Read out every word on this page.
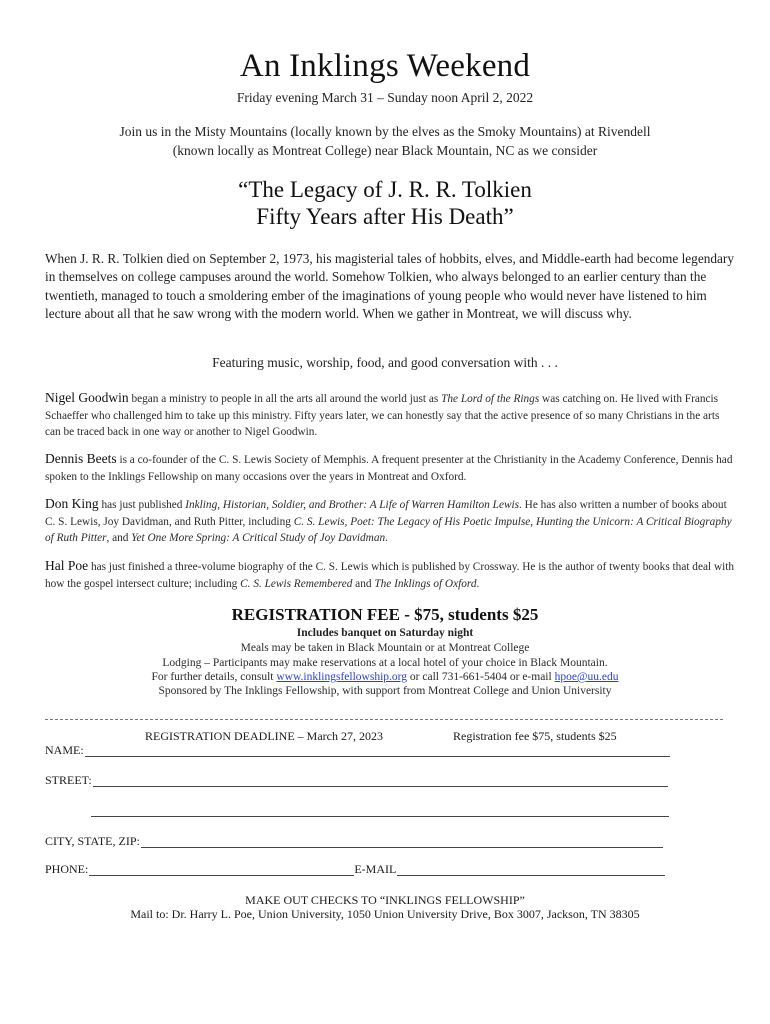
An Inklings Weekend
Friday evening March 31 – Sunday noon April 2, 2022
Join us in the Misty Mountains (locally known by the elves as the Smoky Mountains) at Rivendell
(known locally as Montreat College) near Black Mountain, NC as we consider
“The Legacy of J. R. R. Tolkien
Fifty Years after His Death”
When J. R. R. Tolkien died on September 2, 1973, his magisterial tales of hobbits, elves, and Middle-earth had become legendary in themselves on college campuses around the world. Somehow Tolkien, who always belonged to an earlier century than the twentieth, managed to touch a smoldering ember of the imaginations of young people who would never have listened to him lecture about all that he saw wrong with the modern world. When we gather in Montreat, we will discuss why.
Featuring music, worship, food, and good conversation with . . .
Nigel Goodwin began a ministry to people in all the arts all around the world just as The Lord of the Rings was catching on. He lived with Francis Schaeffer who challenged him to take up this ministry. Fifty years later, we can honestly say that the active presence of so many Christians in the arts can be traced back in one way or another to Nigel Goodwin.
Dennis Beets is a co-founder of the C. S. Lewis Society of Memphis. A frequent presenter at the Christianity in the Academy Conference, Dennis had spoken to the Inklings Fellowship on many occasions over the years in Montreat and Oxford.
Don King has just published Inkling, Historian, Soldier, and Brother: A Life of Warren Hamilton Lewis. He has also written a number of books about C. S. Lewis, Joy Davidman, and Ruth Pitter, including C. S. Lewis, Poet: The Legacy of His Poetic Impulse, Hunting the Unicorn: A Critical Biography of Ruth Pitter, and Yet One More Spring: A Critical Study of Joy Davidman.
Hal Poe has just finished a three-volume biography of the C. S. Lewis which is published by Crossway. He is the author of twenty books that deal with how the gospel intersect culture; including C. S. Lewis Remembered and The Inklings of Oxford.
REGISTRATION FEE - $75, students $25
Includes banquet on Saturday night
Meals may be taken in Black Mountain or at Montreat College
Lodging – Participants may make reservations at a local hotel of your choice in Black Mountain.
For further details, consult www.inklingsfellowship.org or call 731-661-5404 or e-mail hpoe@uu.edu
Sponsored by The Inklings Fellowship, with support from Montreat College and Union University
REGISTRATION DEADLINE – March 27, 2023	Registration fee $75, students $25
NAME:
STREET:
CITY, STATE, ZIP:
PHONE:	E-MAIL
MAKE OUT CHECKS TO “INKLINGS FELLOWSHIP”
Mail to: Dr. Harry L. Poe, Union University, 1050 Union University Drive, Box 3007, Jackson, TN 38305
